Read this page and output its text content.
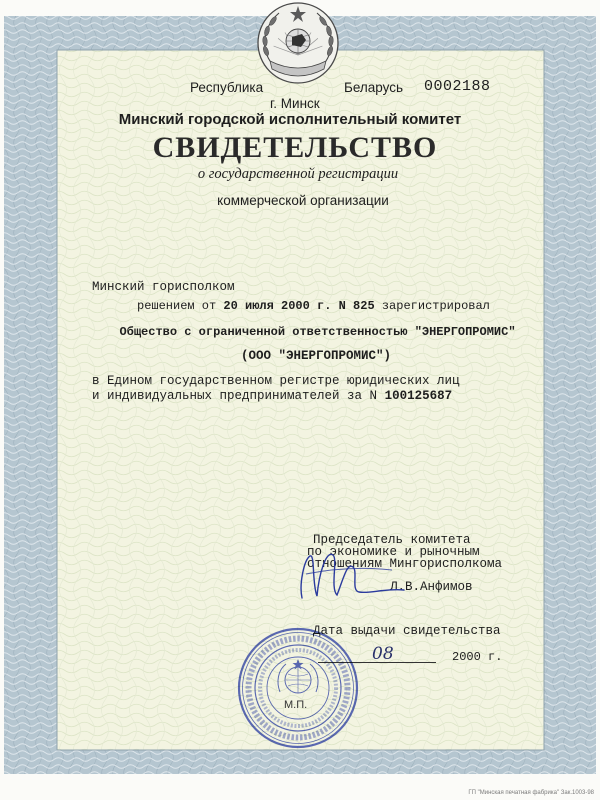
Республика	Беларусь 0002188
г. Минск
Минский городской исполнительный комитет
СВИДЕТЕЛЬСТВО
о государственной регистрации
коммерческой организации
Минский горисполком
решением от 20 июля 2000 г. N 825 зарегистрировал
Общество с ограниченной ответственностью "ЭНЕРГОПРОМИС"
(ООО "ЭНЕРГОПРОМИС")
в Едином государственном регистре юридических лиц
и индивидуальных предпринимателей за N 100125687
Председатель комитета
по экономике и рыночным
отношениям Мингорисполкома
Л.В.Анфимов
Дата выдачи свидетельства
08	2000 г.
М.П.
ГП "Минская печатная фабрика" Зак.1003-98
